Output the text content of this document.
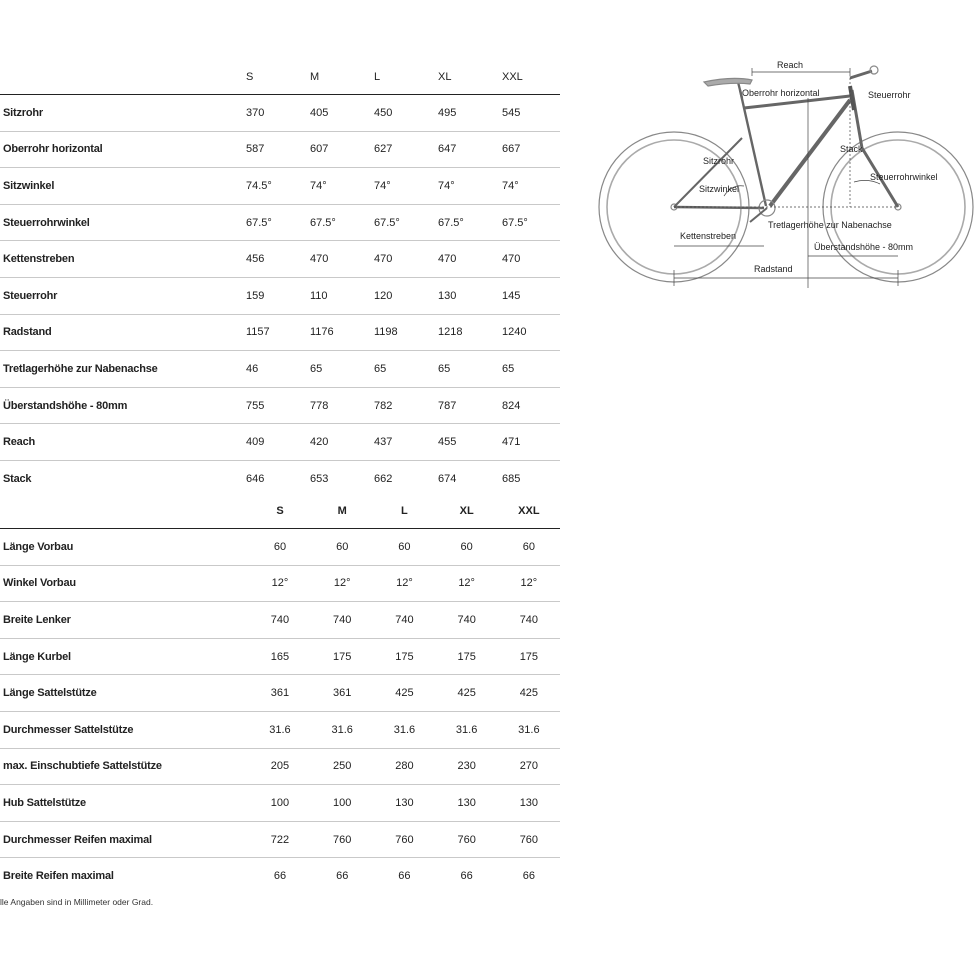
	S	M	L	XL	XXL
Sitzrohr	370	405	450	495	545
Oberrohr horizontal	587	607	627	647	667
Sitzwinkel	74.5°	74°	74°	74°	74°
Steuerrohrwinkel	67.5°	67.5°	67.5°	67.5°	67.5°
Kettenstreben	456	470	470	470	470
Steuerrohr	159	110	120	130	145
Radstand	1157	1176	1198	1218	1240
Tretlagerhöhe zur Nabenachse	46	65	65	65	65
Überstandshöhe - 80mm	755	778	782	787	824
Reach	409	420	437	455	471
Stack	646	653	662	674	685
	S	M	L	XL	XXL
Länge Vorbau	60	60	60	60	60
Winkel Vorbau	12°	12°	12°	12°	12°
Breite Lenker	740	740	740	740	740
Länge Kurbel	165	175	175	175	175
Länge Sattelstütze	361	361	425	425	425
Durchmesser Sattelstütze	31.6	31.6	31.6	31.6	31.6
max. Einschubtiefe Sattelstütze	205	250	280	230	270
Hub Sattelstütze	100	100	130	130	130
Durchmesser Reifen maximal	722	760	760	760	760
Breite Reifen maximal	66	66	66	66	66
lle Angaben sind in Millimeter oder Grad.
Reach
Oberrohr horizontal	Steuerrohr
Stack
Sitzrohr
Steuerrohrwinkel
Sitzwinkel
Tretlagerhöhe zur Nabenachse
Kettenstreben
Überstandshöhe - 80mm
Radstand
